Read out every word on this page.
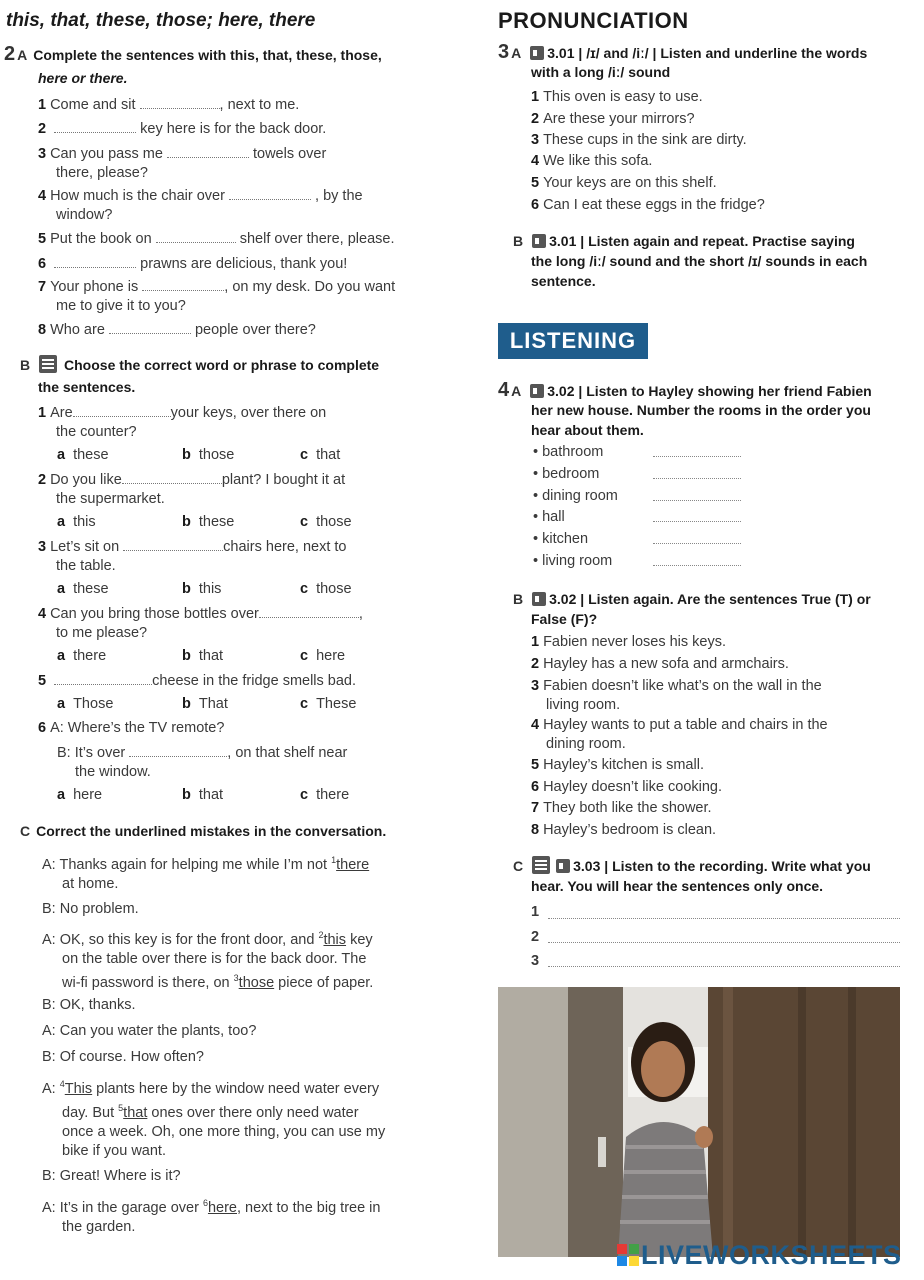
this, that, these, those; here, there
2 A Complete the sentences with this, that, these, those,
here or there.
1 Come and sit	, next to me.
2	key here is for the back door.
3 Can you pass me	towels over
there, please?
4 How much is the chair over	, by the
window?
5 Put the book on	shelf over there, please.
6	prawns are delicious, thank you!
7 Your phone is	, on my desk. Do you want
me to give it to you?
8 Who are	people over there?
B Choose the correct word or phrase to complete
the sentences.
1 Are	your keys, over there on
the counter?
a these	b those	c that
2 Do you like	plant? I bought it at
the supermarket.
a this	b these	c those
3 Let’s sit on	chairs here, next to
the table.
a these	b this	c those
4 Can you bring those bottles over	,
to me please?
a there	b that	c here
5	cheese in the fridge smells bad.
a Those	b That	c These
6 A: Where’s the TV remote?
B: It’s over	, on that shelf near
the window.
a here	b that	c there
C Correct the underlined mistakes in the conversation.
A: Thanks again for helping me while I’m not $^1$there
at home.
B: No problem.
A: OK, so this key is for the front door, and $^2$this key
on the table over there is for the back door. The
wi-fi password is there, on $^3$those piece of paper.
B: OK, thanks.
A: Can you water the plants, too?
B: Of course. How often?
A: $^4$This plants here by the window need water every
day. But $^5$that ones over there only need water
once a week. Oh, one more thing, you can use my
bike if you want.
B: Great! Where is it?
A: It’s in the garage over $^6$here, next to the big tree in
the garden.
PRONUNCIATION
3 A 3.01 | /ɪ/ and /iː/ | Listen and underline the words
with a long /iː/ sound
1 This oven is easy to use.
2 Are these your mirrors?
3 These cups in the sink are dirty.
4 We like this sofa.
5 Your keys are on this shelf.
6 Can I eat these eggs in the fridge?
B 3.01 | Listen again and repeat. Practise saying
the long /iː/ sound and the short /ɪ/ sounds in each
sentence.
LISTENING
4 A 3.02 | Listen to Hayley showing her friend Fabien
her new house. Number the rooms in the order you
hear about them.
• bathroom
• bedroom
• dining room
• hall
• kitchen
• living room
B 3.02 | Listen again. Are the sentences True (T) or
False (F)?
1 Fabien never loses his keys.
2 Hayley has a new sofa and armchairs.
3 Fabien doesn’t like what’s on the wall in the
living room.
4 Hayley wants to put a table and chairs in the
dining room.
5 Hayley’s kitchen is small.
6 Hayley doesn’t like cooking.
7 They both like the shower.
8 Hayley’s bedroom is clean.
C	3.03 | Listen to the recording. Write what you
hear. You will hear the sentences only once.
1
2
3
LIVEWORKSHEETS
